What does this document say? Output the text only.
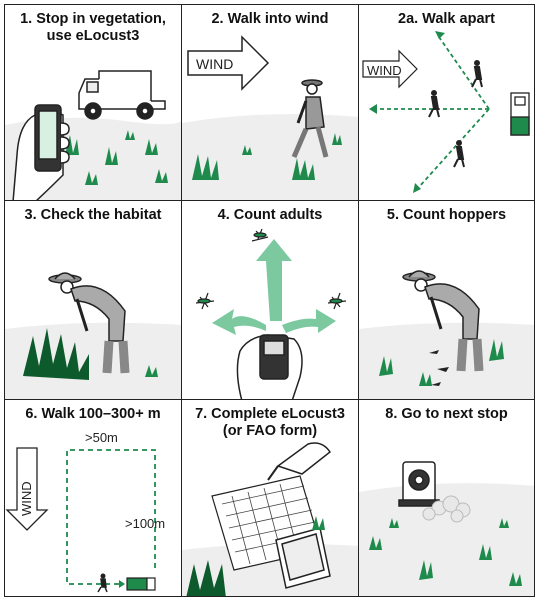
1. Stop in vegetation,
use eLocust3
WIND
2. Walk into wind
WIND
2a. Walk apart
3. Check the habitat	4. Count adults	5. Count hoppers
WIND
>50m
>100m
6. Walk 100–300+ m	7. Complete eLocust3
(or FAO form)
8. Go to next stop
